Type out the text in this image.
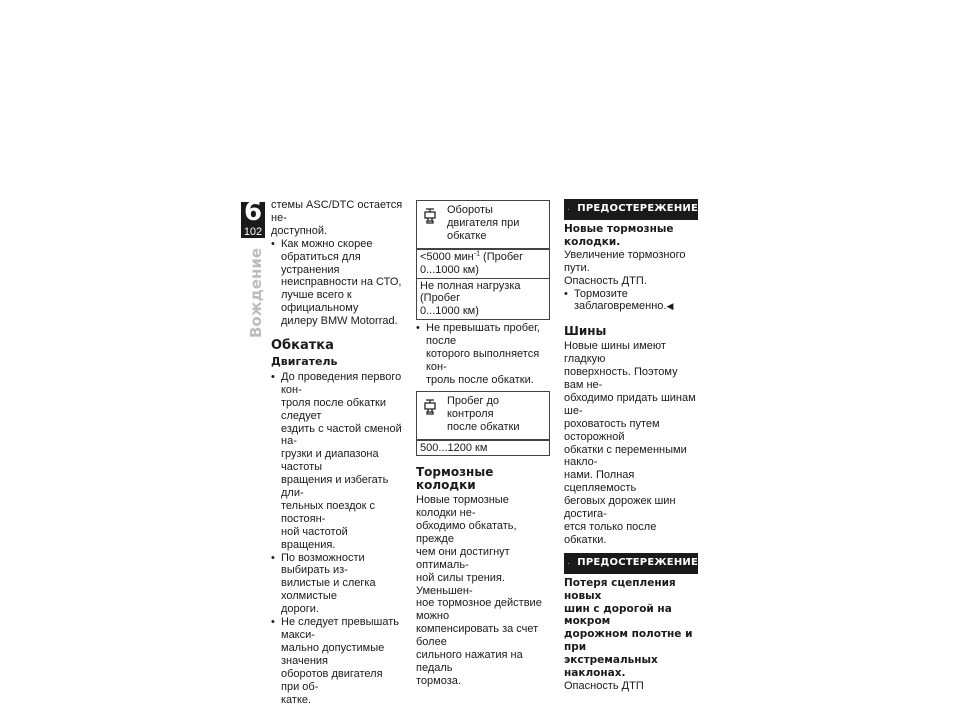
6
102
Вождение

стемы ASC/DTC остается не-
доступной.

• Как можно скорее
обратиться для устранения
неисправности на СТО,
лучше всего к официальному
дилеру BMW Motorrad.

Обкатка
Двигатель

• До проведения первого кон-
троля после обкатки следует
ездить с частой сменой на-
грузки и диапазона частоты
вращения и избегать дли-
тельных поездок с постоян-
ной частотой вращения.

• По возможности выбирать из-
вилистые и слегка холмистые
дороги.

• Не следует превышать макси-
мально допустимые значения
оборотов двигателя при об-
катке.

Обороты двигателя при
обкатке
<5000 мин$^{-1}$ (Пробег
0...1000 км)
Не полная нагрузка (Пробег
0...1000 км)

• Не превышать пробег, после
которого выполняется кон-
троль после обкатки.

Пробег до контроля
после обкатки
500...1200 км
Тормозные колодки

Новые тормозные колодки не-
обходимо обкатать, прежде
чем они достигнут оптималь-
ной силы трения. Уменьшен-
ное тормозное действие можно
компенсировать за счет более
сильного нажатия на педаль
тормоза.

ПРЕДОСТЕРЕЖЕНИЕ

Новые тормозные колодки.

Увеличение тормозного пути.
Опасность ДТП.

• Тормозите

заблаговременно.◀

Шины

Новые шины имеют гладкую
поверхность. Поэтому вам не-
обходимо придать шинам ше-
роховатость путем осторожной
обкатки с переменными накло-
нами. Полная сцепляемость
беговых дорожек шин достига-
ется только после обкатки.

ПРЕДОСТЕРЕЖЕНИЕ

Потеря сцепления новых
шин с дорогой на мокром
дорожном полотне и при
экстремальных наклонах.

Опасность ДТП
